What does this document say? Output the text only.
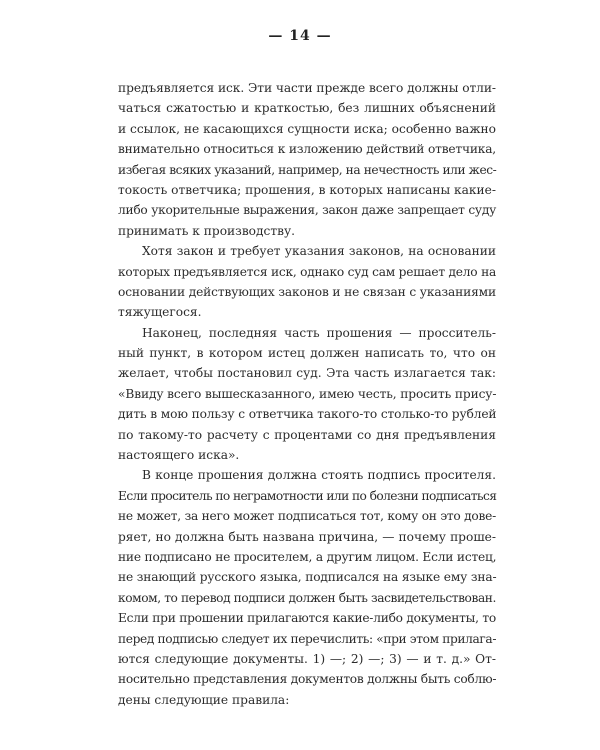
— 14 —
предъявляется иск. Эти части прежде всего должны отли-
чаться сжатостью и краткостью, без лишних объяснений
и ссылок, не касающихся сущности иска; особенно важно
внимательно относиться к изложению действий ответчика,
избегая всяких указаний, например, на нечестность или жес-
токость ответчика; прошения, в которых написаны какие-
либо укорительные выражения, закон даже запрещает суду
принимать к производству.
Хотя закон и требует указания законов, на основании
которых предъявляется иск, однако суд сам решает дело на
основании действующих законов и не связан с указаниями
тяжущегося.
Наконец, последняя часть прошения — просситель-
ный пункт, в котором истец должен написать то, что он
желает, чтобы постановил суд. Эта часть излагается так:
«Ввиду всего вышесказанного, имею честь, просить прису-
дить в мою пользу с ответчика такого-то столько-то рублей
по такому-то расчету с процентами со дня предъявления
настоящего иска».
В конце прошения должна стоять подпись просителя.
Если проситель по неграмотности или по болезни подписаться
не может, за него может подписаться тот, кому он это дове-
ряет, но должна быть названа причина, — почему проше-
ние подписано не просителем, а другим лицом. Если истец,
не знающий русского языка, подписался на языке ему зна-
комом, то перевод подписи должен быть засвидетельствован.
Если при прошении прилагаются какие-либо документы, то
перед подписью следует их перечислить: «при этом прилага-
ются следующие документы. 1) —; 2) —; 3) — и т. д.» От-
носительно представления документов должны быть соблю-
дены следующие правила:
